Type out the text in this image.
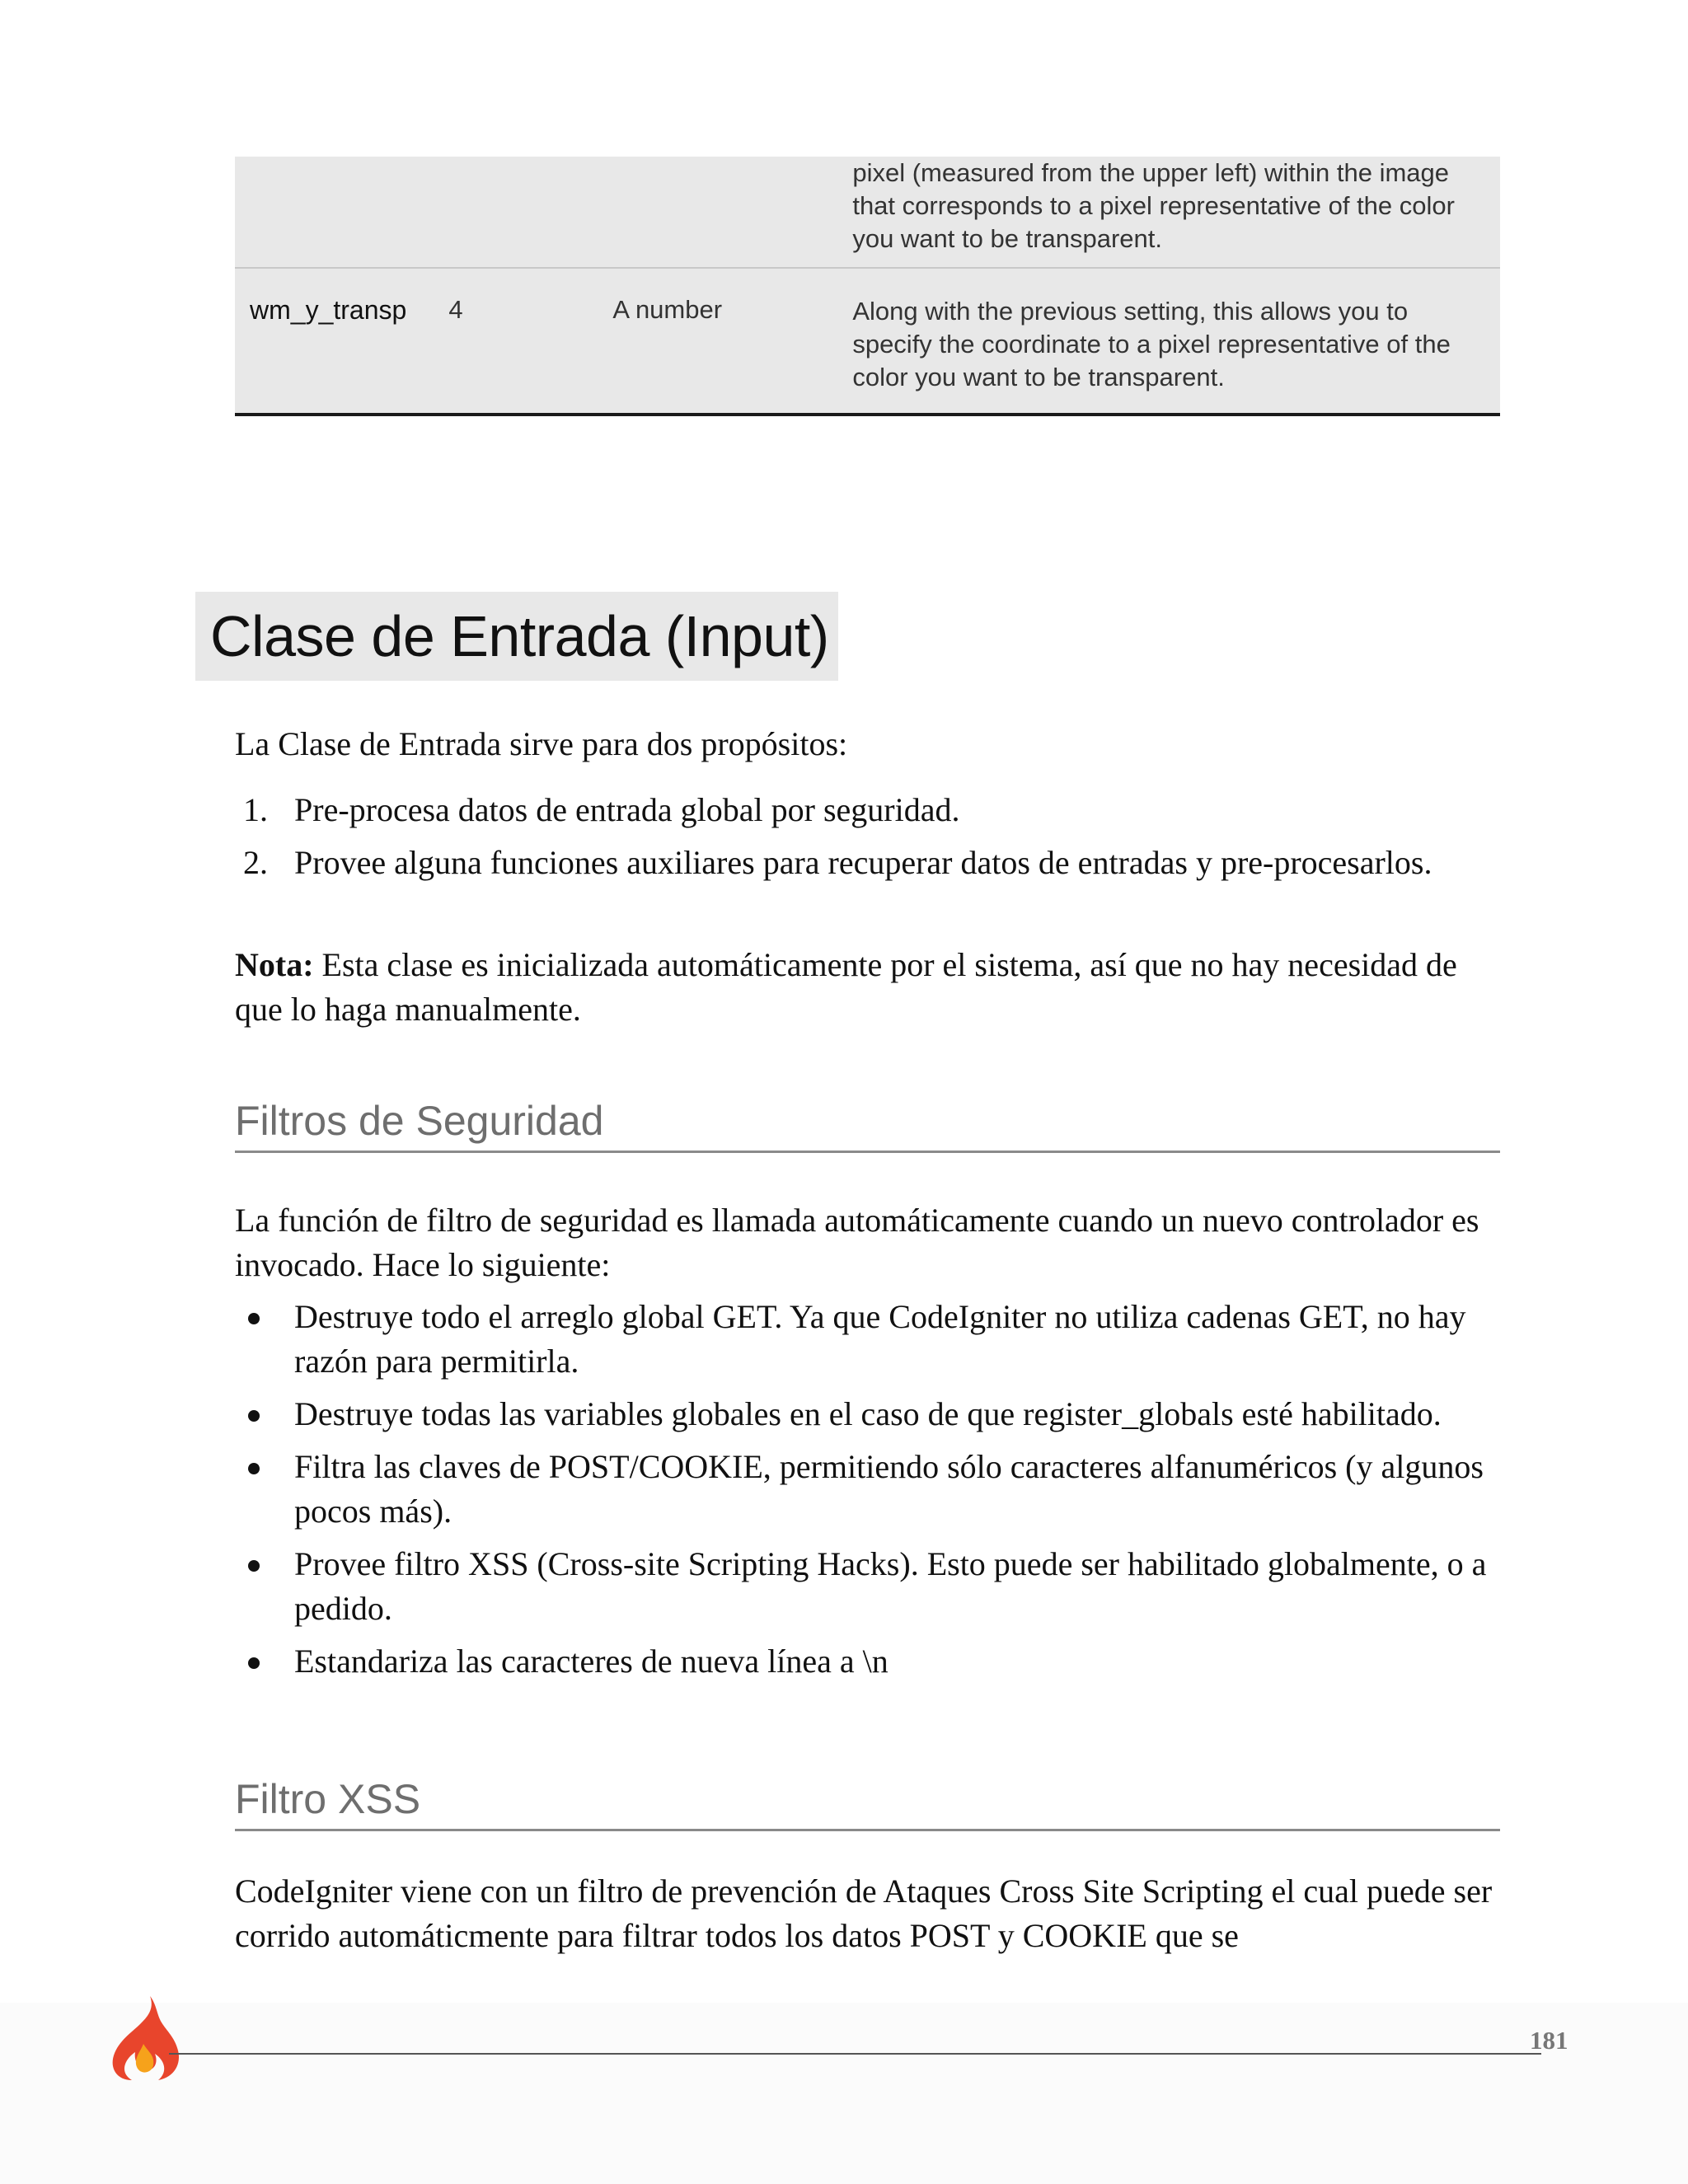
			pixel (measured from the upper left) within the image that corresponds to a pixel representative of the color you want to be transparent.
wm_y_transp	4	A number	Along with the previous setting, this allows you to specify the coordinate to a pixel representative of the color you want to be transparent.
Clase de Entrada (Input)

La Clase de Entrada sirve para dos propósitos:

1. Pre-procesa datos de entrada global por seguridad.
2. Provee alguna funciones auxiliares para recuperar datos de entradas y pre-procesarlos.

Nota: Esta clase es inicializada automáticamente por el sistema, así que no hay necesidad de que lo haga manualmente.

Filtros de Seguridad

La función de filtro de seguridad es llamada automáticamente cuando un nuevo controlador es invocado. Hace lo siguiente:

Destruye todo el arreglo global GET. Ya que CodeIgniter no utiliza cadenas GET, no hay razón para permitirla.
Destruye todas las variables globales en el caso de que register_globals esté habilitado.
Filtra las claves de POST/COOKIE, permitiendo sólo caracteres alfanuméricos (y algunos pocos más).
Provee filtro XSS (Cross-site Scripting Hacks). Esto puede ser habilitado globalmente, o a pedido.
Estandariza las caracteres de nueva línea a \n
Filtro XSS

CodeIgniter viene con un filtro de prevención de Ataques Cross Site Scripting el cual puede ser corrido automáticmente para filtrar todos los datos POST y COOKIE que se

181
